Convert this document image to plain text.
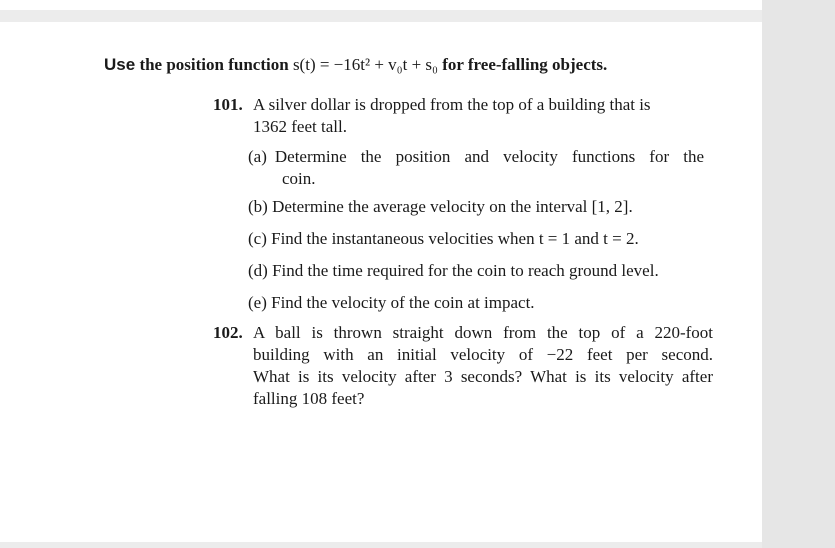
Use the position function s(t) = −16t² + v₀t + s₀ for free-falling objects.
101. A silver dollar is dropped from the top of a building that is
1362 feet tall.
(a) Determine the position and velocity functions for the
coin.
(b) Determine the average velocity on the interval [1, 2].
(c) Find the instantaneous velocities when t = 1 and t = 2.
(d) Find the time required for the coin to reach ground level.
(e) Find the velocity of the coin at impact.
102. A ball is thrown straight down from the top of a 220-foot
building with an initial velocity of −22 feet per second.
What is its velocity after 3 seconds? What is its velocity after
falling 108 feet?
